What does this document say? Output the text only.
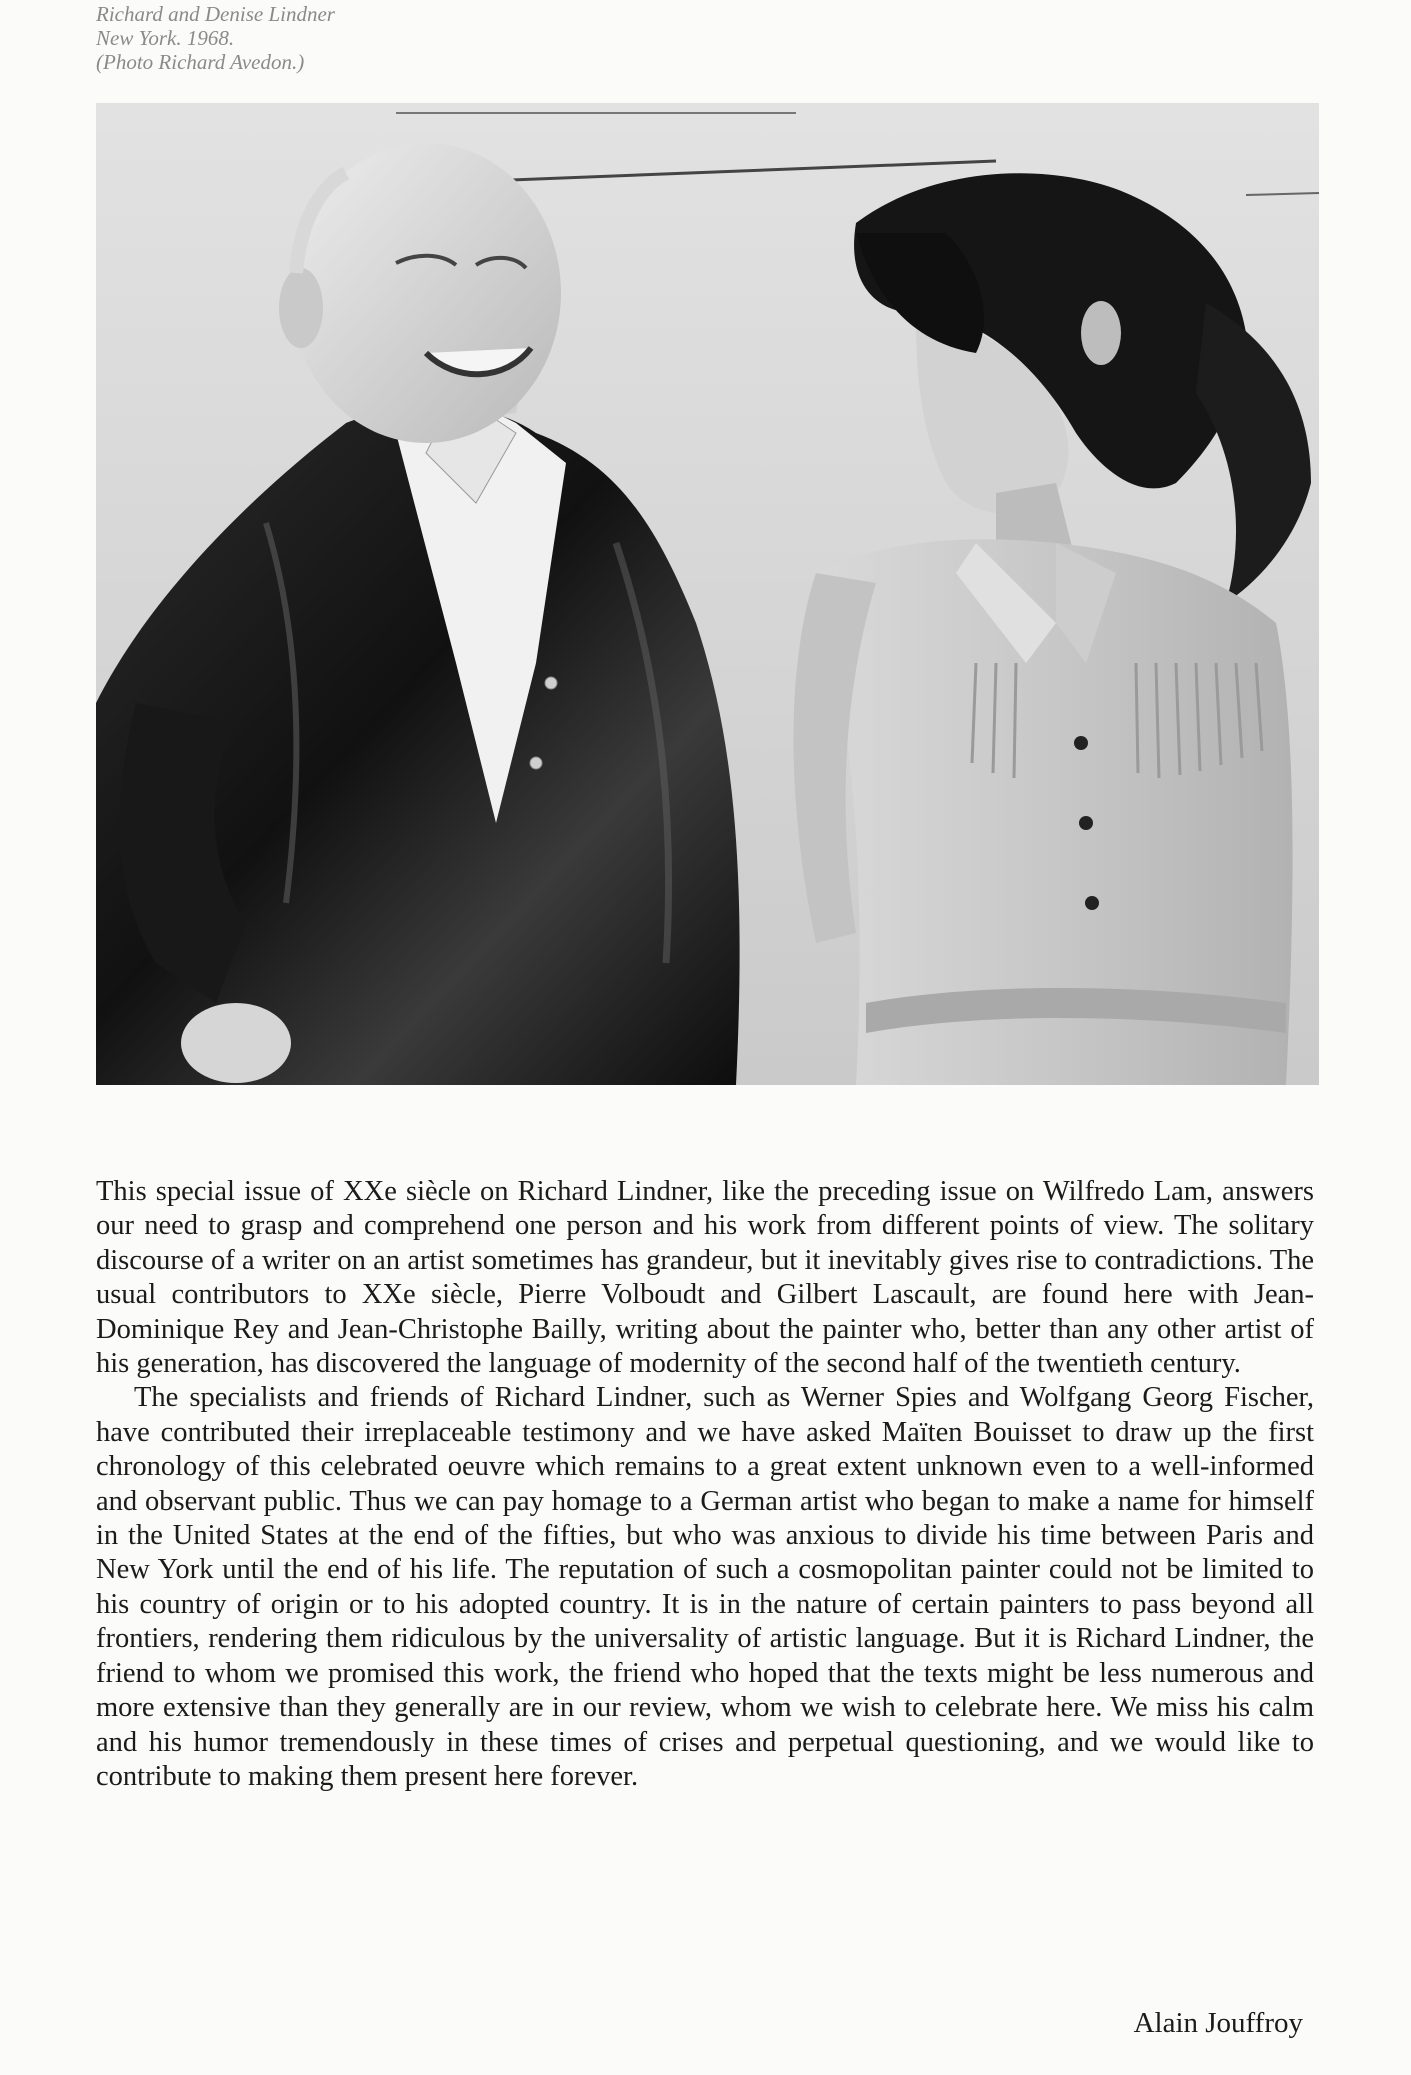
Richard and Denise Lindner
New York. 1968.
(Photo Richard Avedon.)

This special issue of XXe siècle on Richard Lindner, like the preceding issue on Wilfredo Lam, answers our need to grasp and comprehend one person and his work from different points of view. The solitary discourse of a writer on an artist sometimes has grandeur, but it inevitably gives rise to contradictions. The usual contributors to XXe siècle, Pierre Volboudt and Gilbert Lascault, are found here with Jean-Dominique Rey and Jean-Christophe Bailly, writing about the painter who, better than any other artist of his generation, has discovered the language of modernity of the second half of the twentieth century.

The specialists and friends of Richard Lindner, such as Werner Spies and Wolfgang Georg Fischer, have contributed their irreplaceable testimony and we have asked Maïten Bouisset to draw up the first chronology of this celebrated oeuvre which remains to a great extent unknown even to a well-informed and observant public. Thus we can pay homage to a German artist who began to make a name for himself in the United States at the end of the fifties, but who was anxious to divide his time between Paris and New York until the end of his life. The reputation of such a cosmopolitan painter could not be limited to his country of origin or to his adopted country. It is in the nature of certain painters to pass beyond all frontiers, rendering them ridiculous by the universality of artistic language. But it is Richard Lindner, the friend to whom we promised this work, the friend who hoped that the texts might be less numerous and more extensive than they generally are in our review, whom we wish to celebrate here. We miss his calm and his humor tremendously in these times of crises and perpetual questioning, and we would like to contribute to making them present here forever.

Alain Jouffroy
